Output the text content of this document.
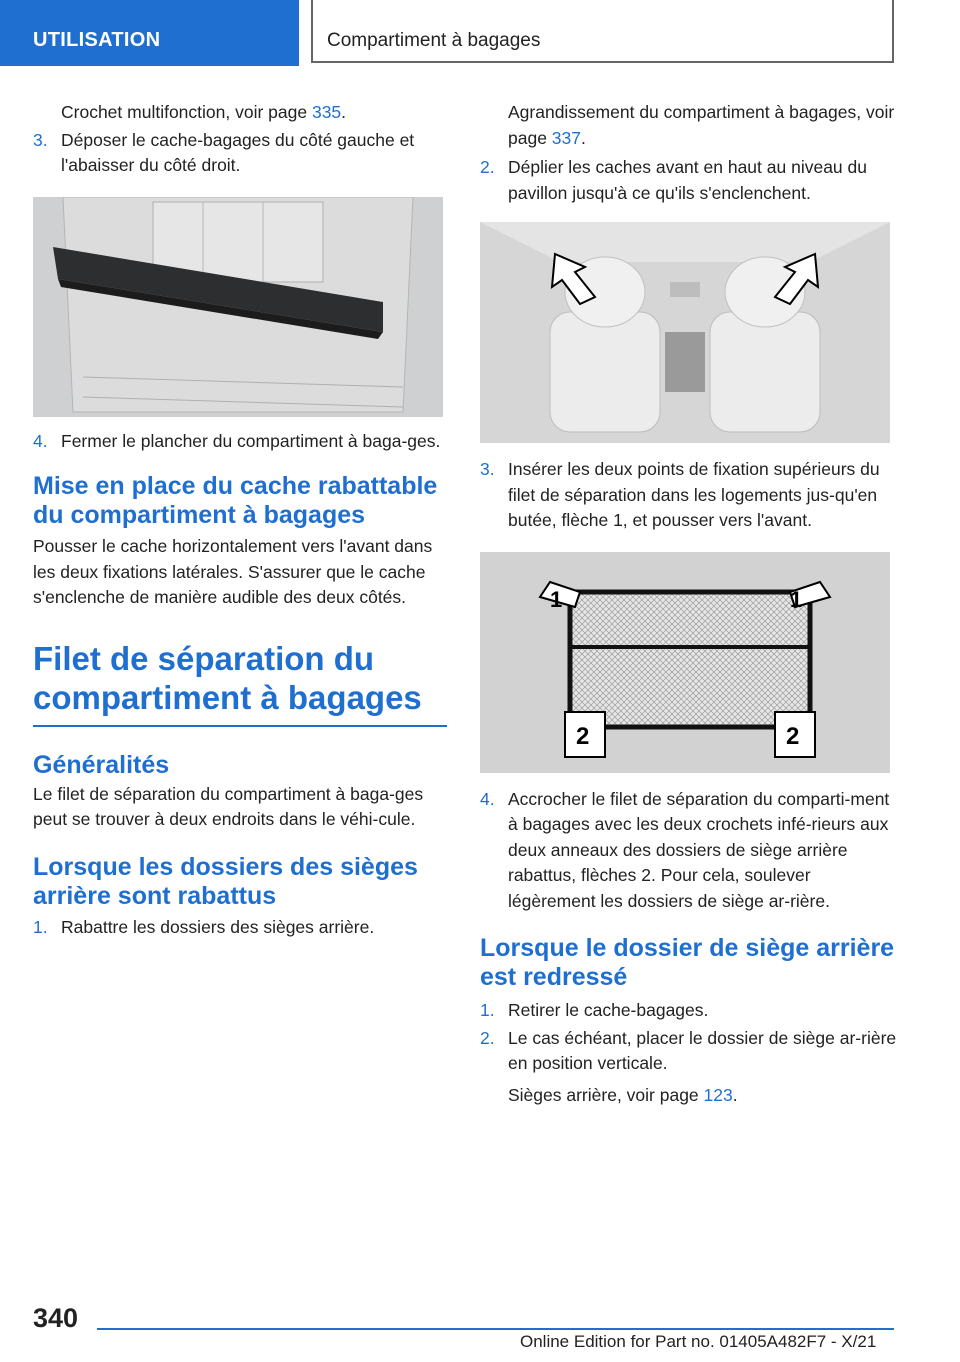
UTILISATION	Compartiment à bagages

Crochet multifonction, voir page 335.

3. Déposer le cache-bagages du côté gauche et l'abaisser du côté droit.
4. Fermer le plancher du compartiment à baga-ges.
Mise en place du cache rabattable du compartiment à bagages

Pousser le cache horizontalement vers l'avant dans les deux fixations latérales. S'assurer que le cache s'enclenche de manière audible des deux côtés.

Filet de séparation du compartiment à bagages
Généralités

Le filet de séparation du compartiment à baga-ges peut se trouver à deux endroits dans le véhi-cule.

Lorsque les dossiers des sièges arrière sont rabattus
1. Rabattre les dossiers des sièges arrière.

Agrandissement du compartiment à bagages, voir page 337.

2. Déplier les caches avant en haut au niveau du pavillon jusqu'à ce qu'ils s'enclenchent.
3. Insérer les deux points de fixation supérieurs du filet de séparation dans les logements jus-qu'en butée, flèche 1, et pousser vers l'avant.
1	1
2	2
4. Accrocher le filet de séparation du comparti-ment à bagages avec les deux crochets infé-rieurs aux deux anneaux des dossiers de siège arrière rabattus, flèches 2. Pour cela, soulever légèrement les dossiers de siège ar-rière.
Lorsque le dossier de siège arrière est redressé
1. Retirer le cache-bagages.
2. Le cas échéant, placer le dossier de siège ar-rière en position verticale.

Sièges arrière, voir page 123.

340
Online Edition for Part no. 01405A482F7 - X/21
